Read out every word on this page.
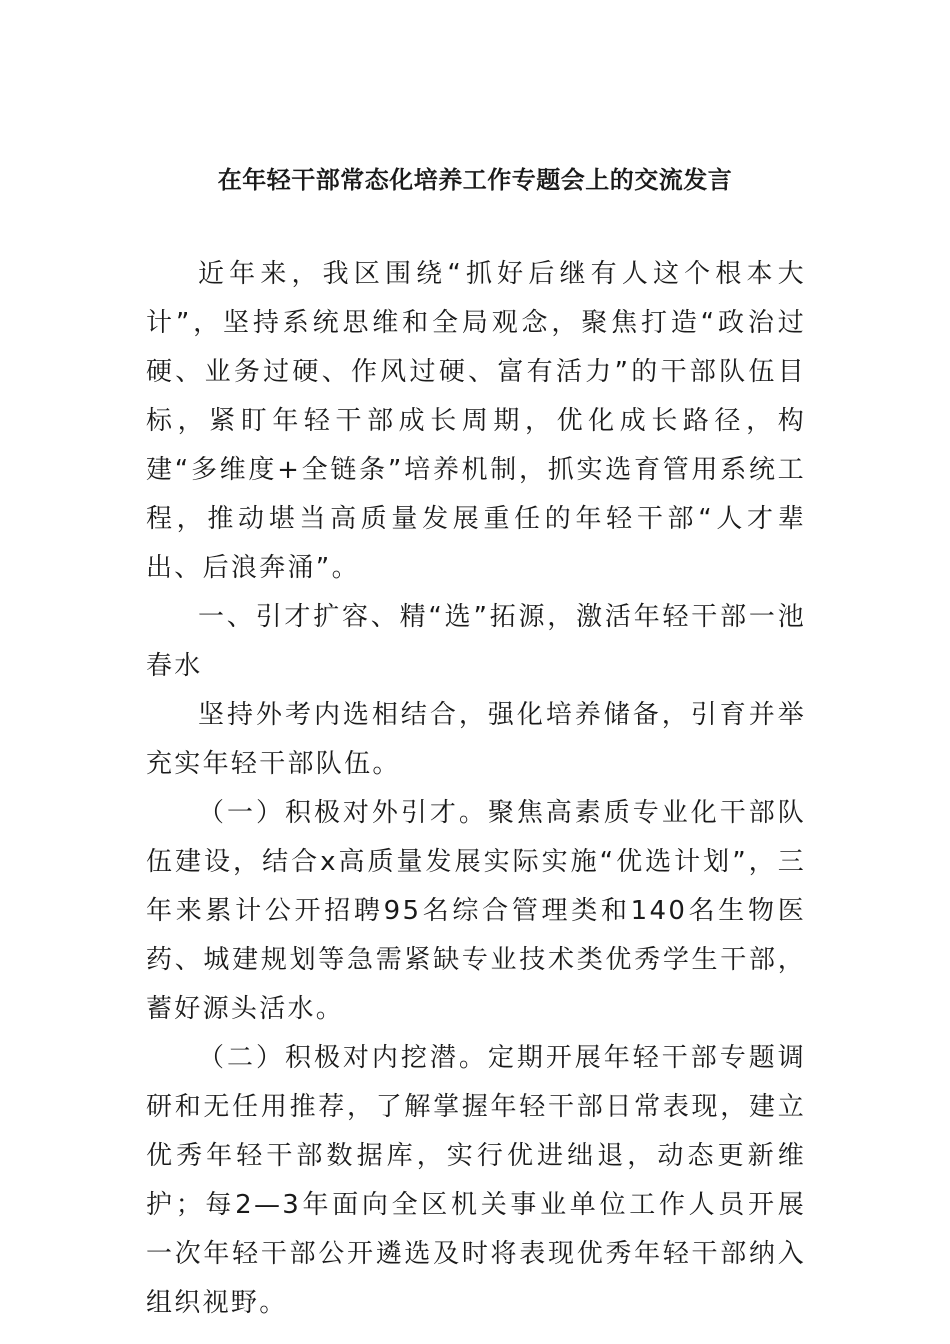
在年轻干部常态化培养工作专题会上的交流发言

近年来，我区围绕“抓好后继有人这个根本大计”，坚持系统思维和全局观念，聚焦打造“政治过硬、业务过硬、作风过硬、富有活力”的干部队伍目标，紧盯年轻干部成长周期，优化成长路径，构建“多维度+全链条”培养机制，抓实选育管用系统工程，推动堪当高质量发展重任的年轻干部“人才辈出、后浪奔涌”。

一、引才扩容、精“选”拓源，激活年轻干部一池春水

坚持外考内选相结合，强化培养储备，引育并举充实年轻干部队伍。

（一）积极对外引才。聚焦高素质专业化干部队伍建设，结合x高质量发展实际实施“优选计划”，三年来累计公开招聘95名综合管理类和140名生物医药、城建规划等急需紧缺专业技术类优秀学生干部，蓄好源头活水。

（二）积极对内挖潜。定期开展年轻干部专题调研和无任用推荐，了解掌握年轻干部日常表现，建立优秀年轻干部数据库，实行优进绌退，动态更新维护；每2—3年面向全区机关事业单位工作人员开展一次年轻干部公开遴选及时将表现优秀年轻干部纳入组织视野。
